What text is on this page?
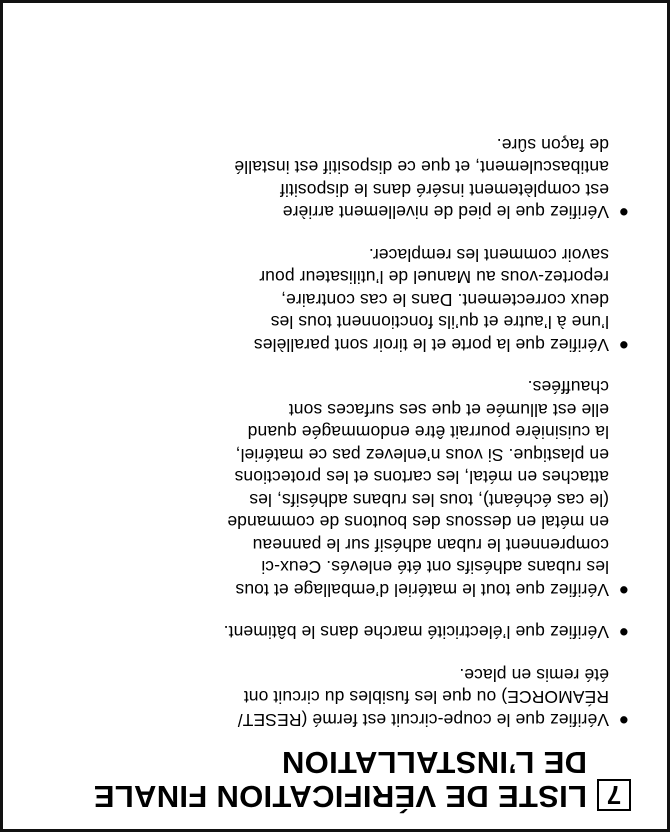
7
LISTE DE VÉRIFICATION FINALE
DE L’INSTALLATION
●
Vérifiez que le coupe-circuit est fermé (RESET/
RÉAMORCE) ou que les fusibles du circuit ont
été remis en place.
●
Vérifiez que l’électricité marche dans le bâtiment.
●
Vérifiez que tout le matériel d’emballage et tous
les rubans adhésifs ont été enlevés. Ceux-ci
comprennent le ruban adhésif sur le panneau
en métal en dessous des boutons de commande
(le cas échéant), tous les rubans adhésifs, les
attaches en métal, les cartons et les protections
en plastique. Si vous n’enlevez pas ce matériel,
la cuisinière pourrait être endommagée quand
elle est allumée et que ses surfaces sont
chauffées.
●
Vérifiez que la porte et le tiroir sont parallèles
l’une à l’autre et qu’ils fonctionnent tous les
deux correctement. Dans le cas contraire,
reportez-vous au Manuel de l’utilisateur pour
savoir comment les remplacer.
●
Vérifiez que le pied de nivellement arrière
est complètement inséré dans le dispositif
antibasculement, et que ce dispositif est installé
de façon sûre.
